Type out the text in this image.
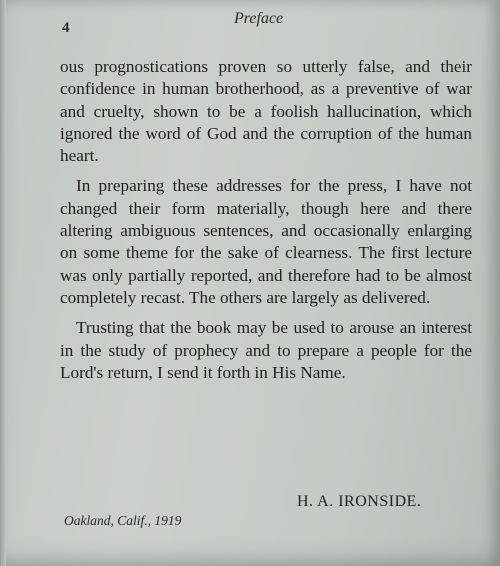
4
Preface

ous prognostications proven so utterly false, and their confidence in human brotherhood, as a preventive of war and cruelty, shown to be a foolish hallucination, which ignored the word of God and the corruption of the human heart.

In preparing these addresses for the press, I have not changed their form materially, though here and there altering ambiguous sentences, and occasionally enlarging on some theme for the sake of clearness. The first lecture was only partially reported, and therefore had to be almost completely recast. The others are largely as delivered.

Trusting that the book may be used to arouse an interest in the study of prophecy and to prepare a people for the Lord's return, I send it forth in His Name.

H. A. IRONSIDE.
Oakland, Calif., 1919
